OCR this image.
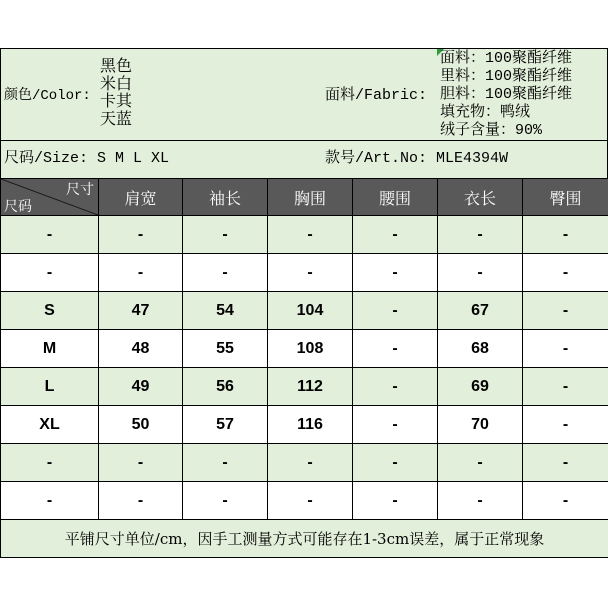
颜色/Color:
黑色
米白
卡其
天蓝
面料/Fabric:
面料：100聚酯纤维
里料：100聚酯纤维
胆料：100聚酯纤维
填充物：鸭绒
绒子含量：90%
尺码/Size: S M L XL	款号/Art.No: MLE4394W
尺寸
尺码	肩宽	袖长	胸围	腰围	衣长	臀围
-	-	-	-	-	-	-
-	-	-	-	-	-	-
S	47	54	104	-	67	-
M	48	55	108	-	68	-
L	49	56	112	-	69	-
XL	50	57	116	-	70	-
-	-	-	-	-	-	-
-	-	-	-	-	-	-
平铺尺寸单位/cm，因手工测量方式可能存在1-3cm误差，属于正常现象						
